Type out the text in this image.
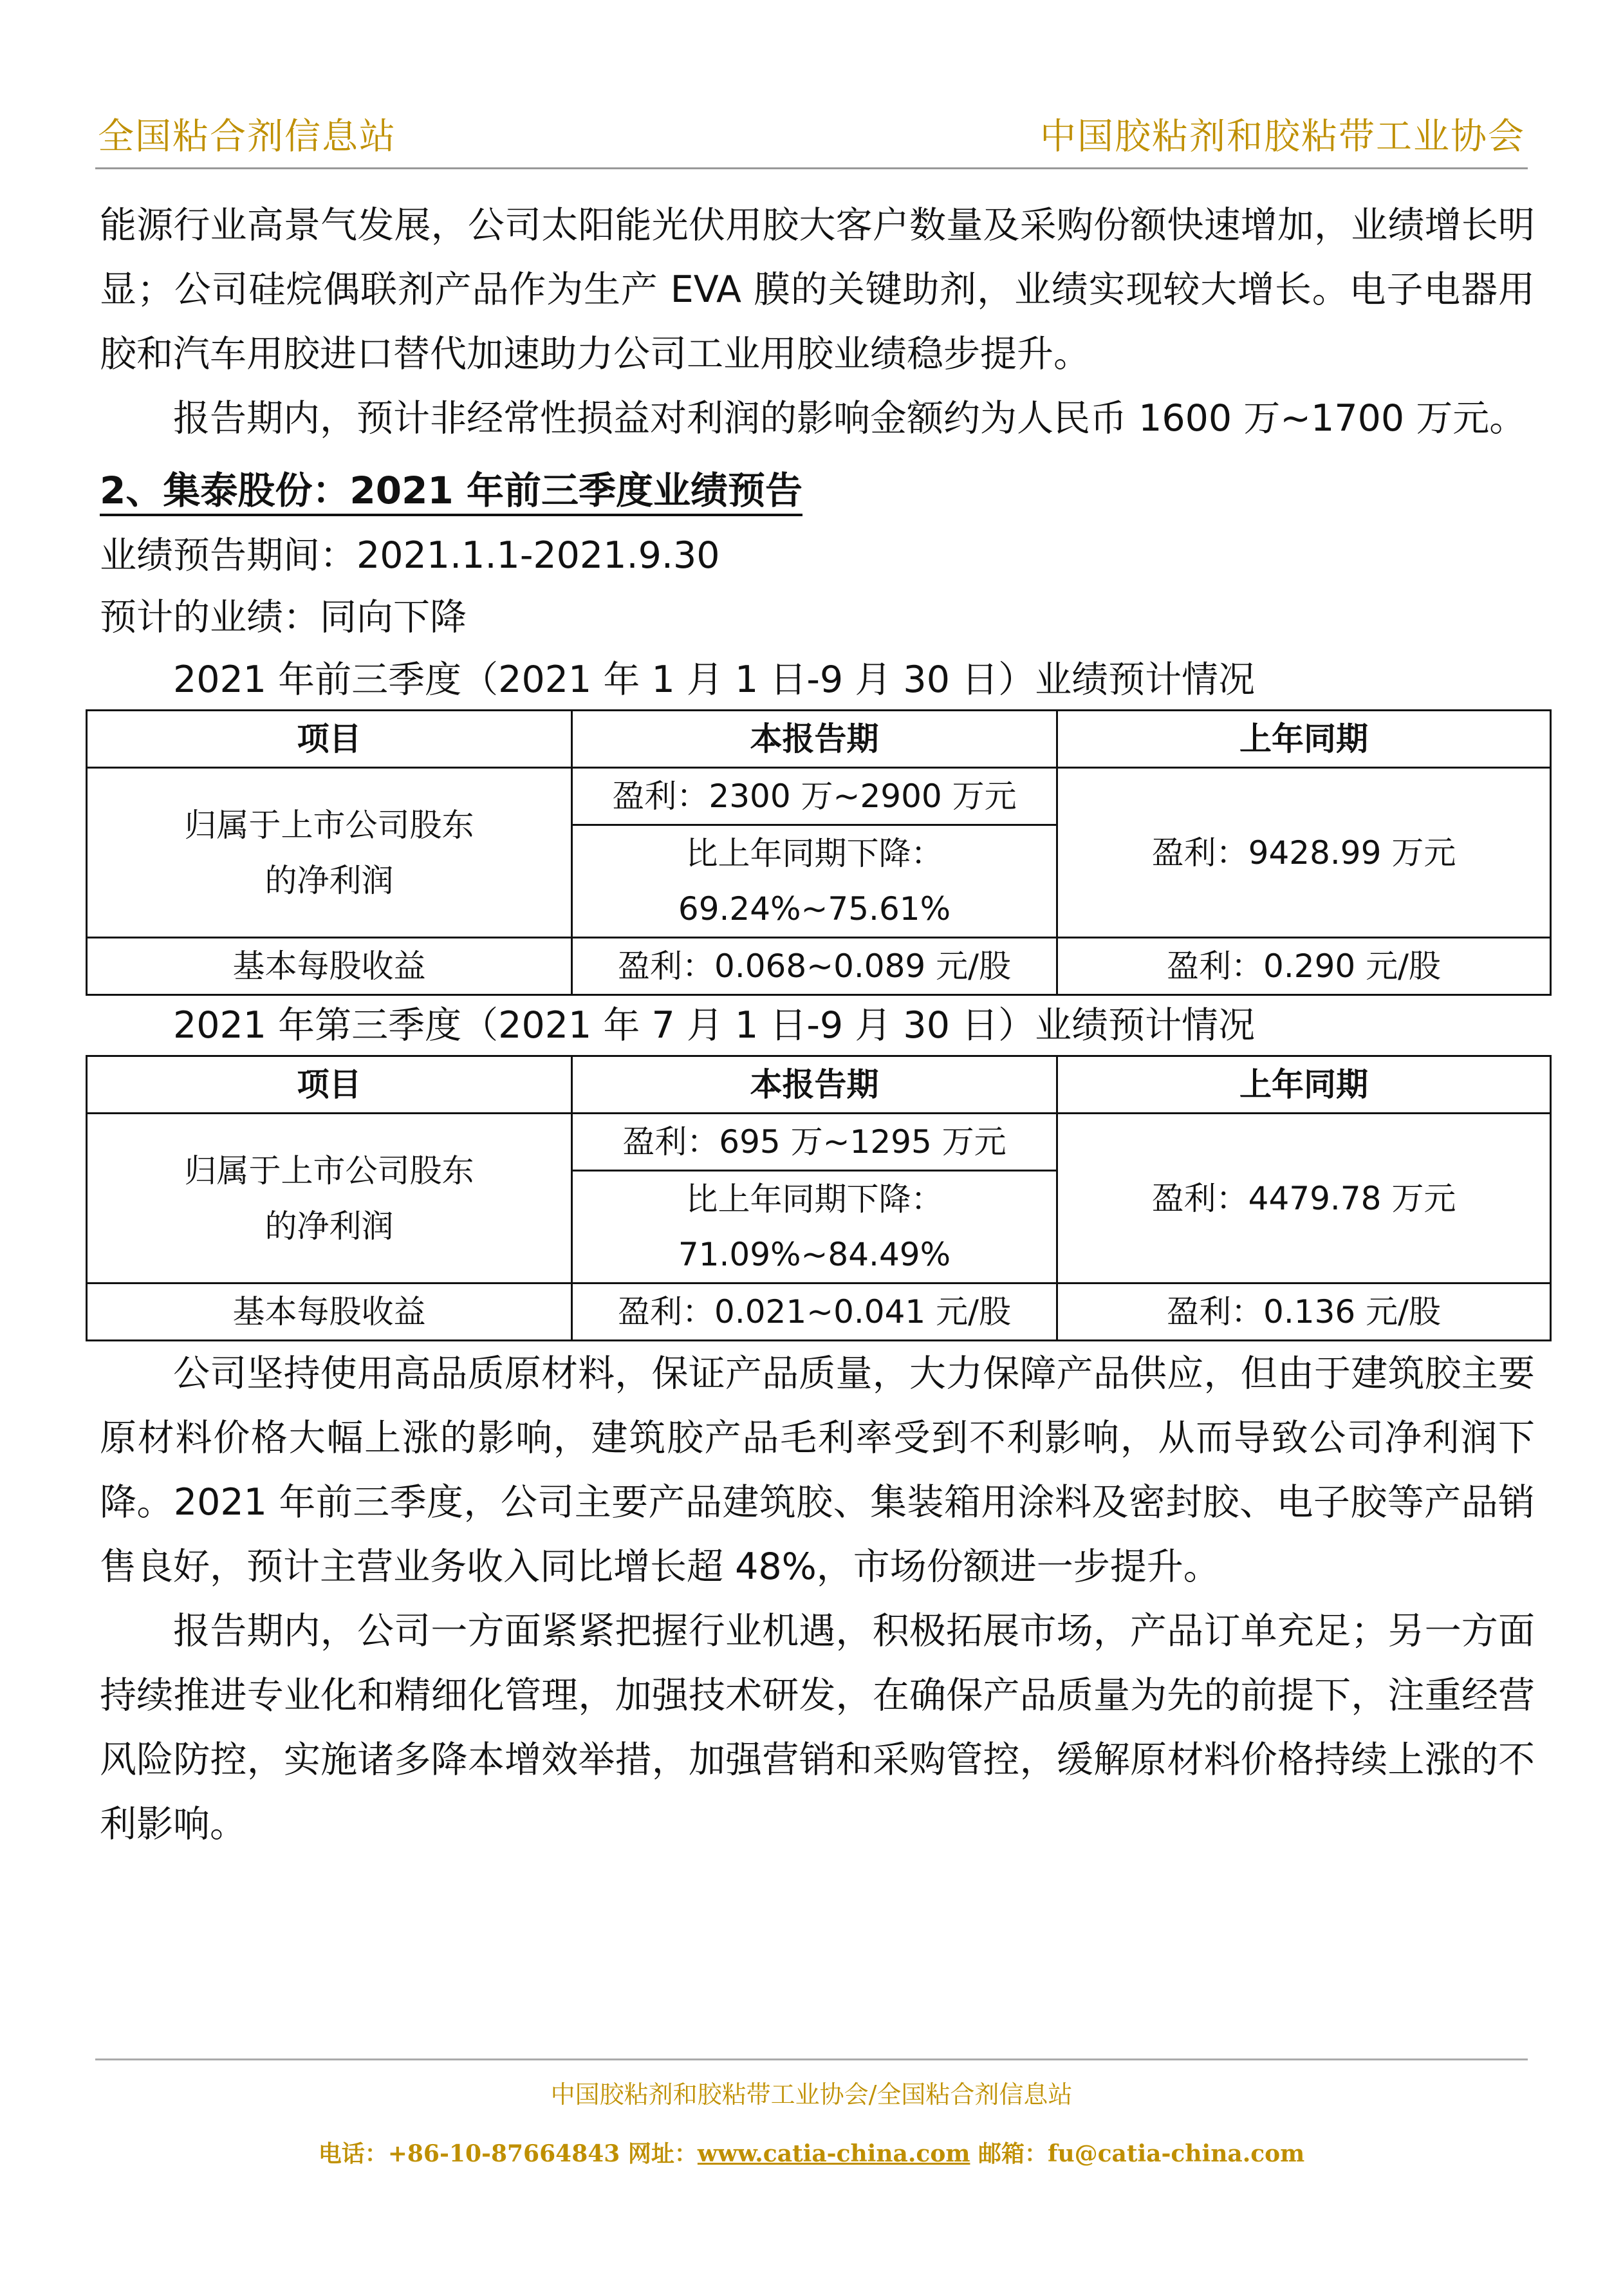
全国粘合剂信息站	中国胶粘剂和胶粘带工业协会

能源行业高景气发展，公司太阳能光伏用胶大客户数量及采购份额快速增加，业绩增长明显；公司硅烷偶联剂产品作为生产 EVA 膜的关键助剂，业绩实现较大增长。电子电器用胶和汽车用胶进口替代加速助力公司工业用胶业绩稳步提升。

报告期内，预计非经常性损益对利润的影响金额约为人民币 1600 万~1700 万元。

2、集泰股份：2021 年前三季度业绩预告

业绩预告期间：2021.1.1-2021.9.30

预计的业绩：同向下降

2021 年前三季度（2021 年 1 月 1 日-9 月 30 日）业绩预计情况

项目	本报告期	上年同期

归属于上市公司股东
的净利润	盈利：2300 万~2900 万元	盈利：9428.99 万元

	比上年同期下降：
69.24%~75.61%	

基本每股收益	盈利：0.068~0.089 元/股	盈利：0.290 元/股

2021 年第三季度（2021 年 7 月 1 日-9 月 30 日）业绩预计情况

项目	本报告期	上年同期

归属于上市公司股东
的净利润	盈利：695 万~1295 万元	盈利：4479.78 万元

	比上年同期下降：
71.09%~84.49%	

基本每股收益	盈利：0.021~0.041 元/股	盈利：0.136 元/股

公司坚持使用高品质原材料，保证产品质量，大力保障产品供应，但由于建筑胶主要原材料价格大幅上涨的影响，建筑胶产品毛利率受到不利影响，从而导致公司净利润下降。2021 年前三季度，公司主要产品建筑胶、集装箱用涂料及密封胶、电子胶等产品销售良好，预计主营业务收入同比增长超 48%，市场份额进一步提升。

报告期内，公司一方面紧紧把握行业机遇，积极拓展市场，产品订单充足；另一方面持续推进专业化和精细化管理，加强技术研发，在确保产品质量为先的前提下，注重经营风险防控，实施诸多降本增效举措，加强营销和采购管控，缓解原材料价格持续上涨的不利影响。

中国胶粘剂和胶粘带工业协会/全国粘合剂信息站
电话：+86-10-87664843 网址：www.catia-china.com 邮箱：fu@catia-china.com
